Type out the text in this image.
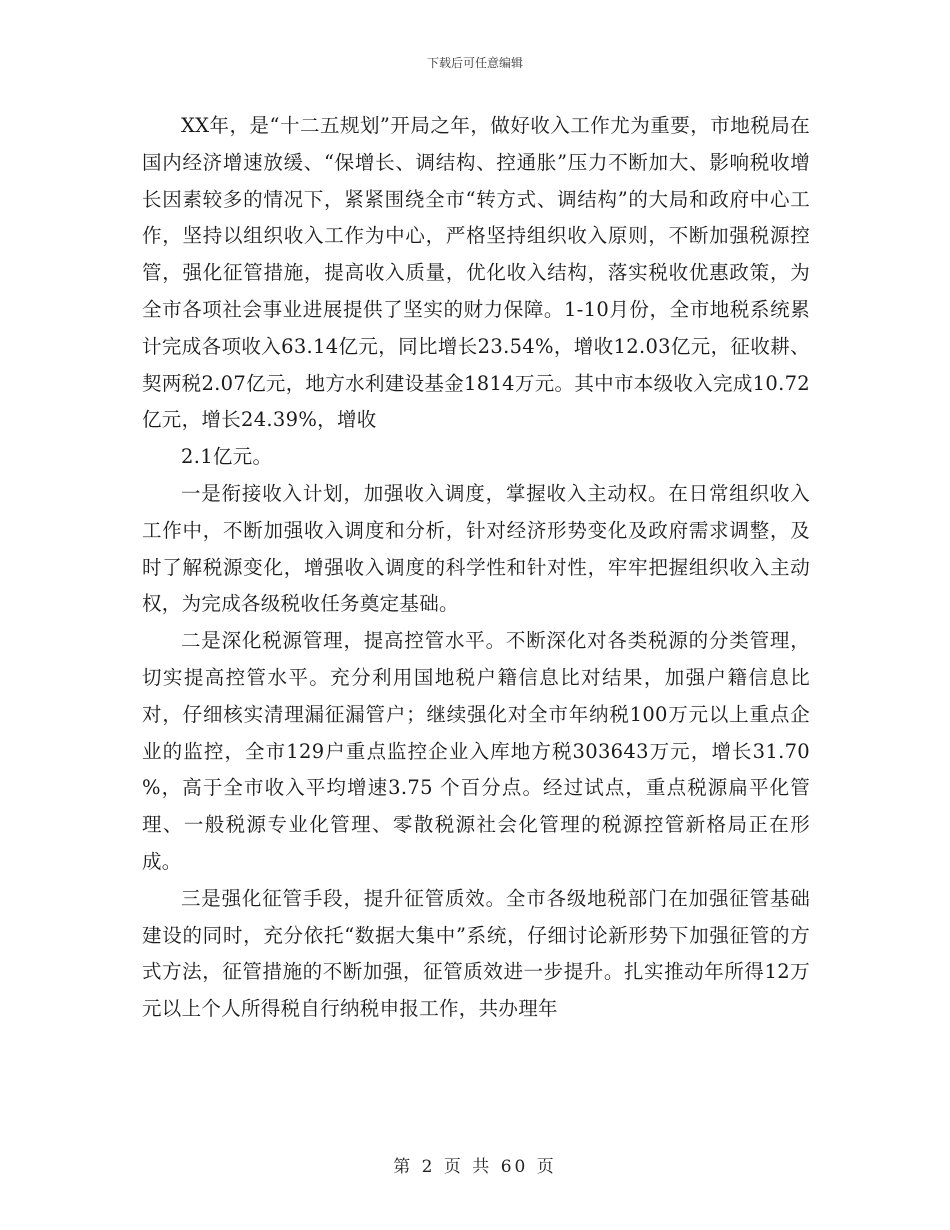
下载后可任意编辑

XX年，是“十二五规划”开局之年，做好收入工作尤为重要，市地税局在国内经济增速放缓、“保增长、调结构、控通胀”压力不断加大、影响税收增长因素较多的情况下，紧紧围绕全市“转方式、调结构”的大局和政府中心工作，坚持以组织收入工作为中心，严格坚持组织收入原则，不断加强税源控管，强化征管措施，提高收入质量，优化收入结构，落实税收优惠政策，为全市各项社会事业进展提供了坚实的财力保障。1-10月份，全市地税系统累计完成各项收入63.14亿元，同比增长23.54%，增收12.03亿元，征收耕、契两税2.07亿元，地方水利建设基金1814万元。其中市本级收入完成10.72亿元，增长24.39%，增收

2.1亿元。

一是衔接收入计划，加强收入调度，掌握收入主动权。在日常组织收入工作中，不断加强收入调度和分析，针对经济形势变化及政府需求调整，及时了解税源变化，增强收入调度的科学性和针对性，牢牢把握组织收入主动权，为完成各级税收任务奠定基础。

二是深化税源管理，提高控管水平。不断深化对各类税源的分类管理，切实提高控管水平。充分利用国地税户籍信息比对结果，加强户籍信息比对，仔细核实清理漏征漏管户；继续强化对全市年纳税100万元以上重点企业的监控，全市129户重点监控企业入库地方税303643万元，增长31.70 %，高于全市收入平均增速3.75 个百分点。经过试点，重点税源扁平化管理、一般税源专业化管理、零散税源社会化管理的税源控管新格局正在形成。

三是强化征管手段，提升征管质效。全市各级地税部门在加强征管基础建设的同时，充分依托“数据大集中”系统，仔细讨论新形势下加强征管的方式方法，征管措施的不断加强，征管质效进一步提升。扎实推动年所得12万元以上个人所得税自行纳税申报工作，共办理年

第 2 页 共 60 页
